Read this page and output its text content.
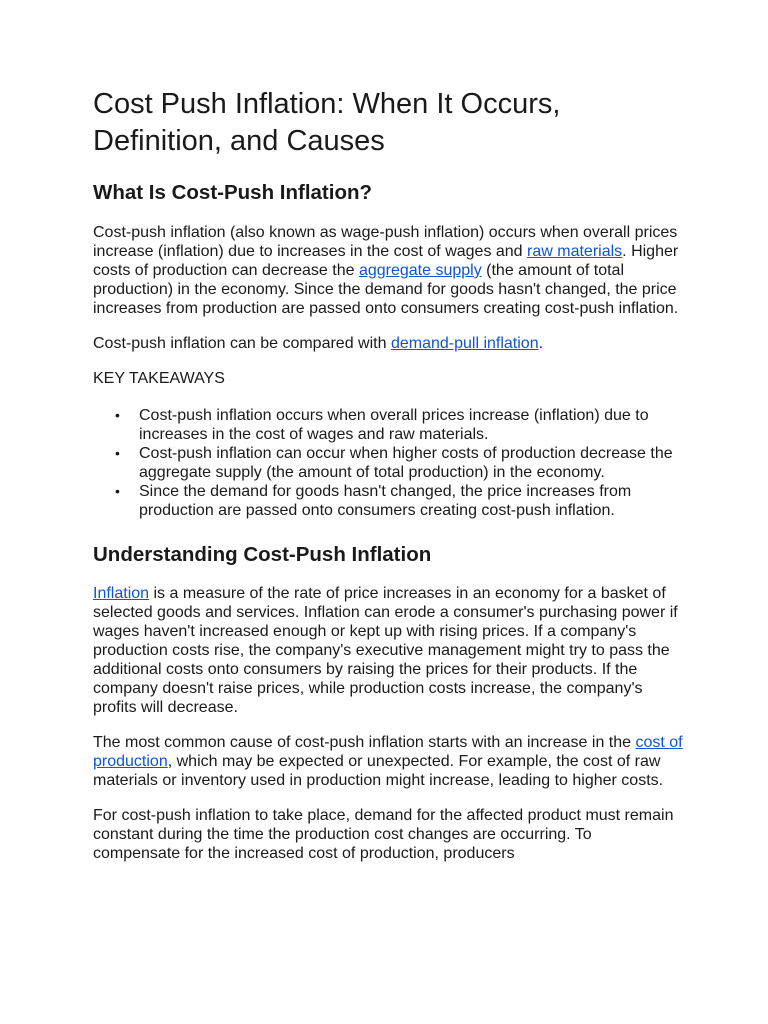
Cost Push Inflation: When It Occurs, Definition, and Causes
What Is Cost-Push Inflation?

Cost-push inflation (also known as wage-push inflation) occurs when overall prices increase (inflation) due to increases in the cost of wages and raw materials. Higher costs of production can decrease the aggregate supply (the amount of total production) in the economy. Since the demand for goods hasn't changed, the price increases from production are passed onto consumers creating cost-push inflation.

Cost-push inflation can be compared with demand-pull inflation.

KEY TAKEAWAYS
• Cost-push inflation occurs when overall prices increase (inflation) due to increases in the cost of wages and raw materials.
• Cost-push inflation can occur when higher costs of production decrease the aggregate supply (the amount of total production) in the economy.
• Since the demand for goods hasn't changed, the price increases from production are passed onto consumers creating cost-push inflation.
Understanding Cost-Push Inflation

Inflation is a measure of the rate of price increases in an economy for a basket of selected goods and services. Inflation can erode a consumer's purchasing power if wages haven't increased enough or kept up with rising prices. If a company's production costs rise, the company's executive management might try to pass the additional costs onto consumers by raising the prices for their products. If the company doesn't raise prices, while production costs increase, the company's profits will decrease.

The most common cause of cost-push inflation starts with an increase in the cost of production, which may be expected or unexpected. For example, the cost of raw materials or inventory used in production might increase, leading to higher costs.

For cost-push inflation to take place, demand for the affected product must remain constant during the time the production cost changes are occurring. To compensate for the increased cost of production, producers
